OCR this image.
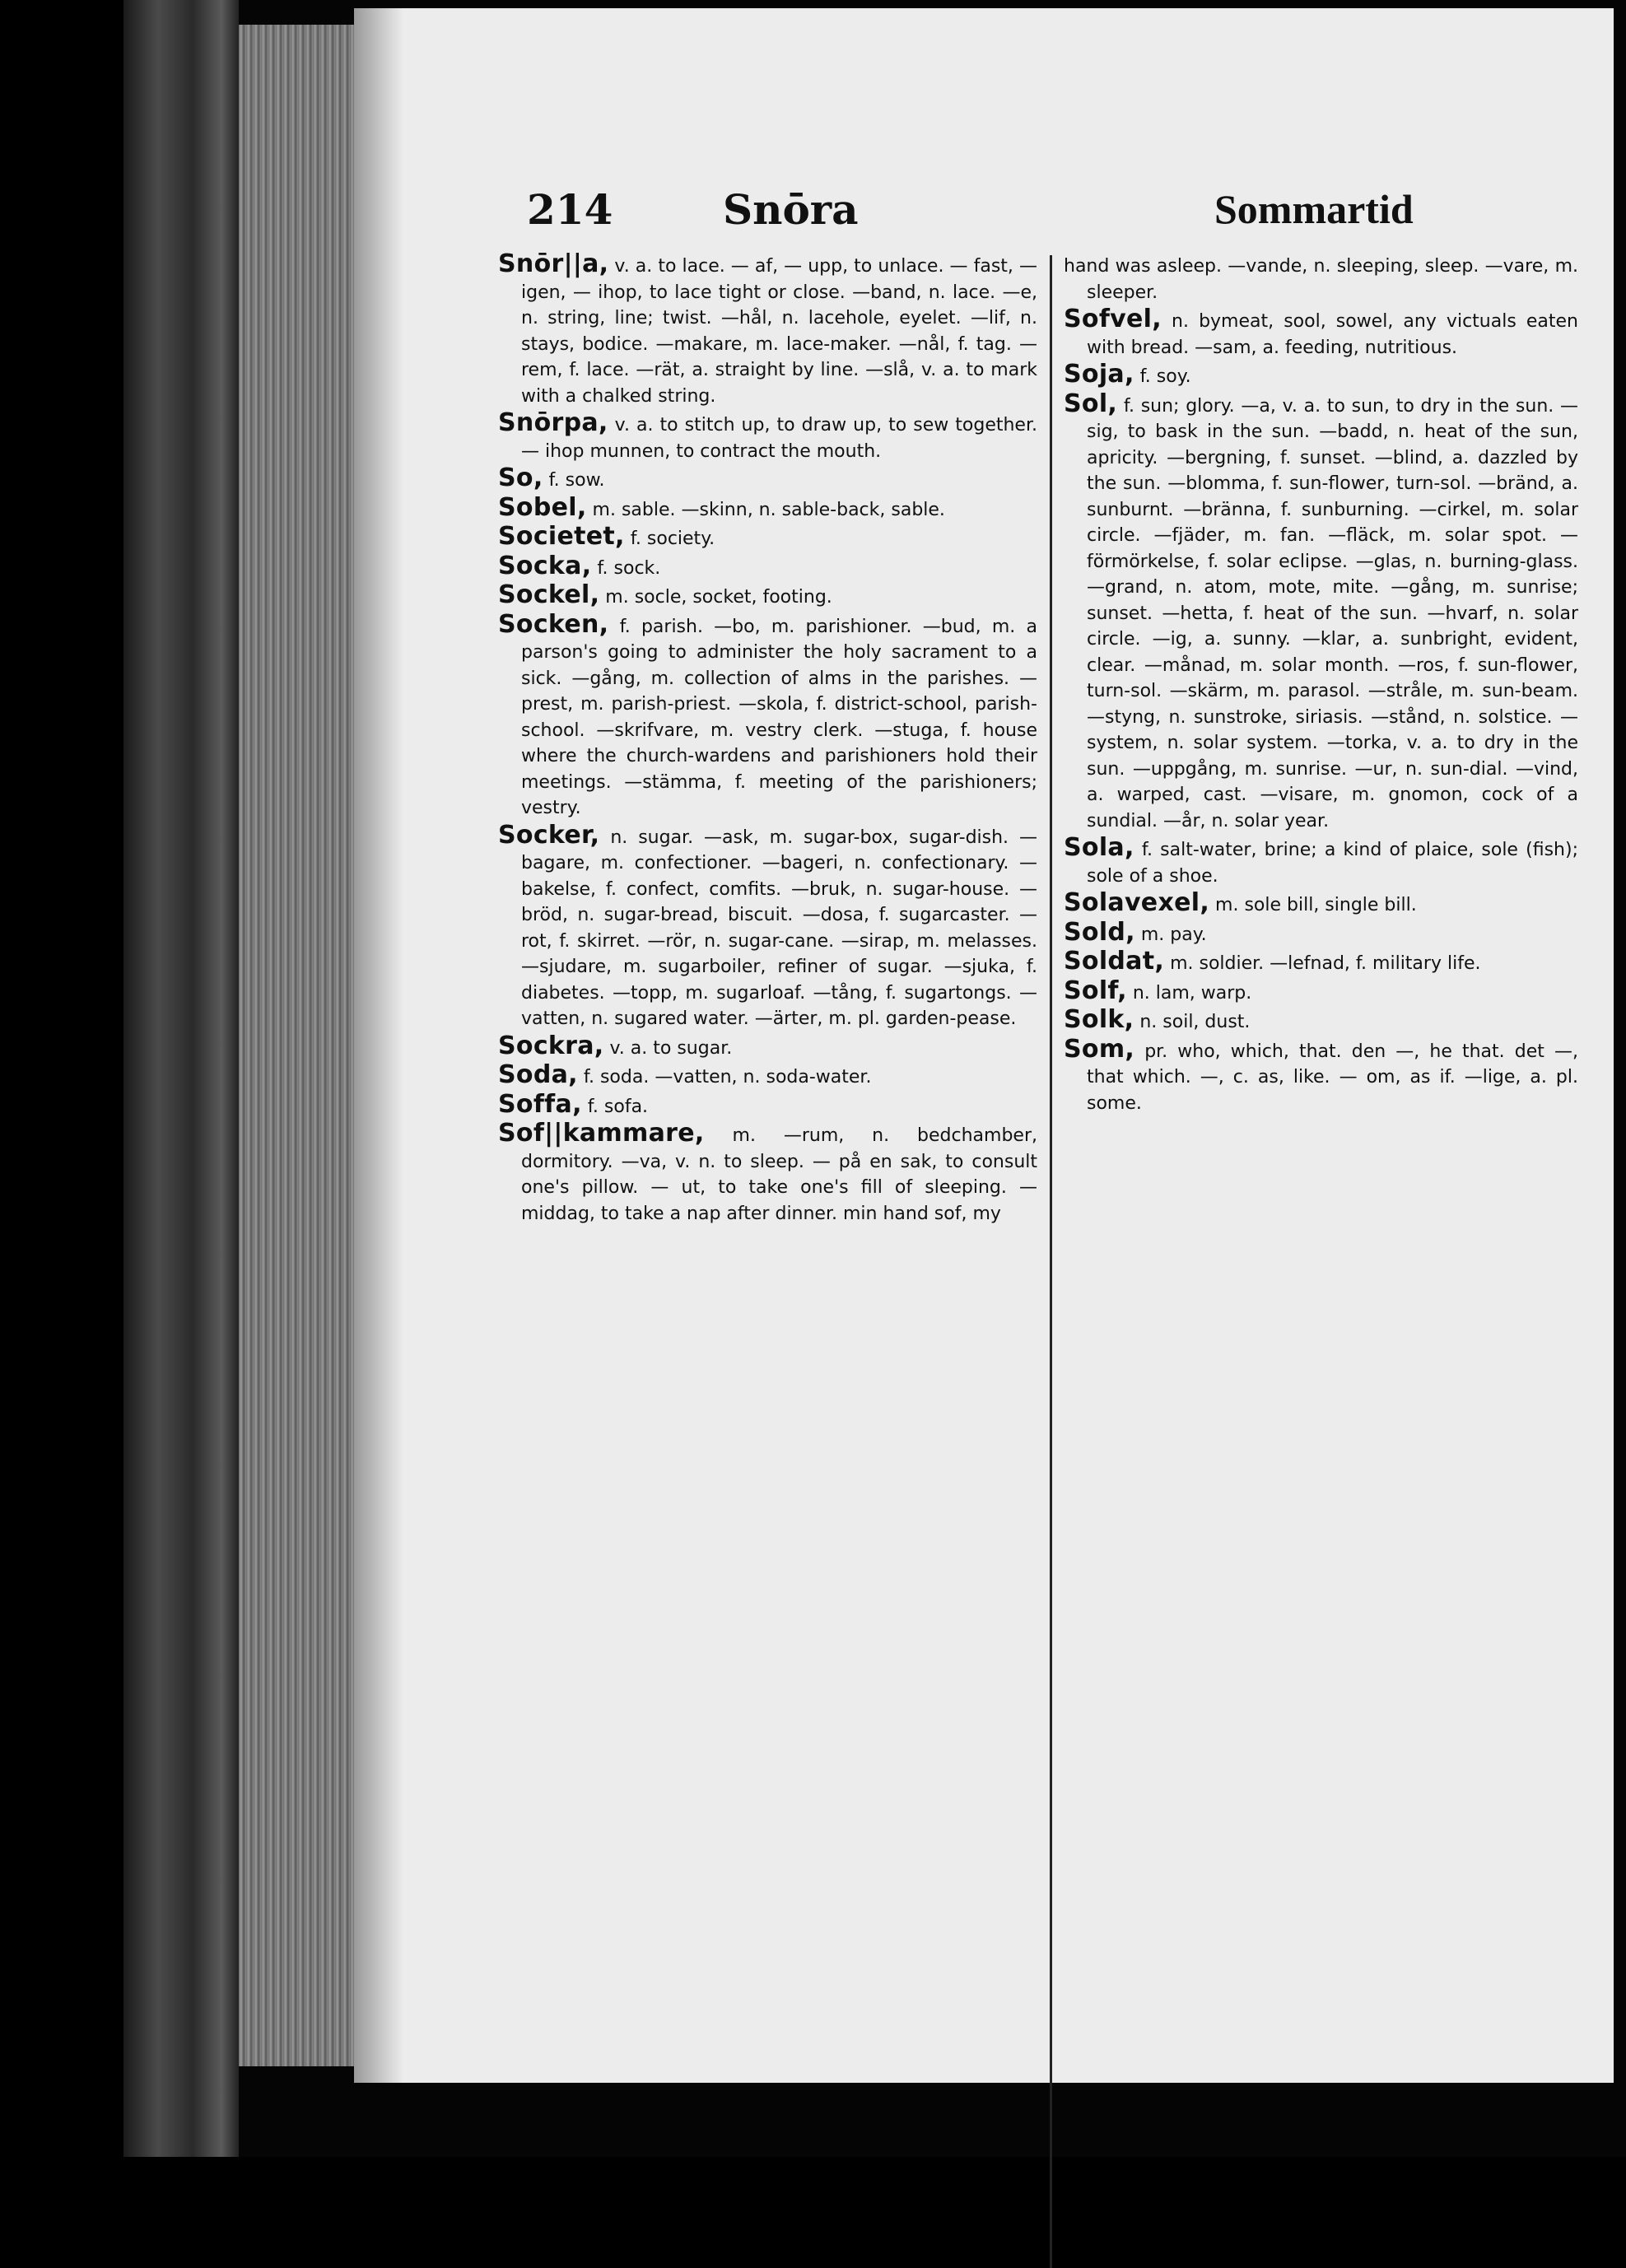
214	Snōra	Sommartid

Snōr||a, v. a. to lace. — af, — upp, to unlace. — fast, — igen, — ihop, to lace tight or close. —band, n. lace. —e, n. string, line; twist. —hål, n. lacehole, eyelet. —lif, n. stays, bodice. —makare, m. lace-maker. —nål, f. tag. —rem, f. lace. —rät, a. straight by line. —slå, v. a. to mark with a chalked string.

Snōrpa, v. a. to stitch up, to draw up, to sew together. — ihop munnen, to contract the mouth.

So, f. sow.

Sobel, m. sable. —skinn, n. sable-back, sable.

Societet, f. society.

Socka, f. sock.

Sockel, m. socle, socket, footing.

Socken, f. parish. —bo, m. parishioner. —bud, m. a parson's going to administer the holy sacrament to a sick. —gång, m. collection of alms in the parishes. —prest, m. parish-priest. —skola, f. district-school, parish-school. —skrifvare, m. vestry clerk. —stuga, f. house where the church-wardens and parishioners hold their meetings. —stämma, f. meeting of the parishioners; vestry.

Socker, n. sugar. —ask, m. sugar-box, sugar-dish. —bagare, m. confectioner. —bageri, n. confectionary. —bakelse, f. confect, comfits. —bruk, n. sugar-house. —bröd, n. sugar-bread, biscuit. —dosa, f. sugarcaster. —rot, f. skirret. —rör, n. sugar-cane. —sirap, m. melasses. —sjudare, m. sugarboiler, refiner of sugar. —sjuka, f. diabetes. —topp, m. sugarloaf. —tång, f. sugartongs. —vatten, n. sugared water. —ärter, m. pl. garden-pease.

Sockra, v. a. to sugar.

Soda, f. soda. —vatten, n. soda-water.

Soffa, f. sofa.

Sof||kammare, m. —rum, n. bedchamber, dormitory. —va, v. n. to sleep. — på en sak, to consult one's pillow. — ut, to take one's fill of sleeping. — middag, to take a nap after dinner. min hand sof, my

hand was asleep. —vande, n. sleeping, sleep. —vare, m. sleeper.

Sofvel, n. bymeat, sool, sowel, any victuals eaten with bread. —sam, a. feeding, nutritious.

Soja, f. soy.

Sol, f. sun; glory. —a, v. a. to sun, to dry in the sun. — sig, to bask in the sun. —badd, n. heat of the sun, apricity. —bergning, f. sunset. —blind, a. dazzled by the sun. —blomma, f. sun-flower, turn-sol. —bränd, a. sunburnt. —bränna, f. sunburning. —cirkel, m. solar circle. —fjäder, m. fan. —fläck, m. solar spot. —förmörkelse, f. solar eclipse. —glas, n. burning-glass. —grand, n. atom, mote, mite. —gång, m. sunrise; sunset. —hetta, f. heat of the sun. —hvarf, n. solar circle. —ig, a. sunny. —klar, a. sunbright, evident, clear. —månad, m. solar month. —ros, f. sun-flower, turn-sol. —skärm, m. parasol. —stråle, m. sun-beam. —styng, n. sunstroke, siriasis. —stånd, n. solstice. —system, n. solar system. —torka, v. a. to dry in the sun. —uppgång, m. sunrise. —ur, n. sun-dial. —vind, a. warped, cast. —visare, m. gnomon, cock of a sundial. —år, n. solar year.

Sola, f. salt-water, brine; a kind of plaice, sole (fish); sole of a shoe.

Solavexel, m. sole bill, single bill.

Sold, m. pay.

Soldat, m. soldier. —lefnad, f. military life.

Solf, n. lam, warp.

Solk, n. soil, dust.

Som, pr. who, which, that. den —, he that. det —, that which. —, c. as, like. — om, as if. —lige, a. pl. some.
